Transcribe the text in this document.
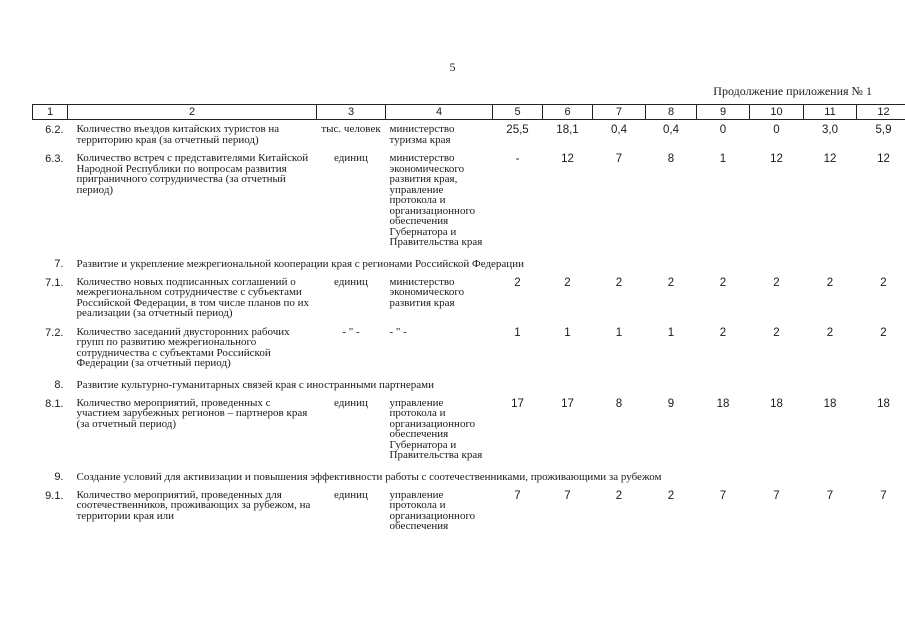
5
Продолжение приложения № 1
1	2	3	4	5	6	7	8	9	10	11	12
6.2.	Количество въездов китайских туристов на территорию края (за отчетный период)	тыс. человек	министерство туризма края	25,5	18,1	0,4	0,4	0	0	3,0	5,9
6.3.	Количество встреч с представителями Китайской Народной Республики по вопросам развития приграничного сотрудничества (за отчетный период)	единиц	министерство экономического развития края, управление протокола и организационного обеспечения Губернатора и Правительства края	-	12	7	8	1	12	12	12
7.	Развитие и укрепление межрегиональной кооперации края с регионами Российской Федерации										
7.1.	Количество новых подписанных соглашений о межрегиональном сотрудничестве с субъектами Российской Федерации, в том числе планов по их реализации (за отчетный период)	единиц	министерство экономического развития края	2	2	2	2	2	2	2	2
7.2.	Количество заседаний двусторонних рабочих групп по развитию межрегионального сотрудничества с субъектами Российской Федерации (за отчетный период)	- " -	- " -	1	1	1	1	2	2	2	2
8.	Развитие культурно-гуманитарных связей края с иностранными партнерами										
8.1.	Количество мероприятий, проведенных с участием зарубежных регионов – партнеров края (за отчетный период)	единиц	управление протокола и организационного обеспечения Губернатора и Правительства края	17	17	8	9	18	18	18	18
9.	Создание условий для активизации и повышения эффективности работы с соотечественниками, проживающими за рубежом										
9.1.	Количество мероприятий, проведенных для соотечественников, проживающих за рубежом, на территории края или	единиц	управление протокола и организационного обеспечения	7	7	2	2	7	7	7	7
